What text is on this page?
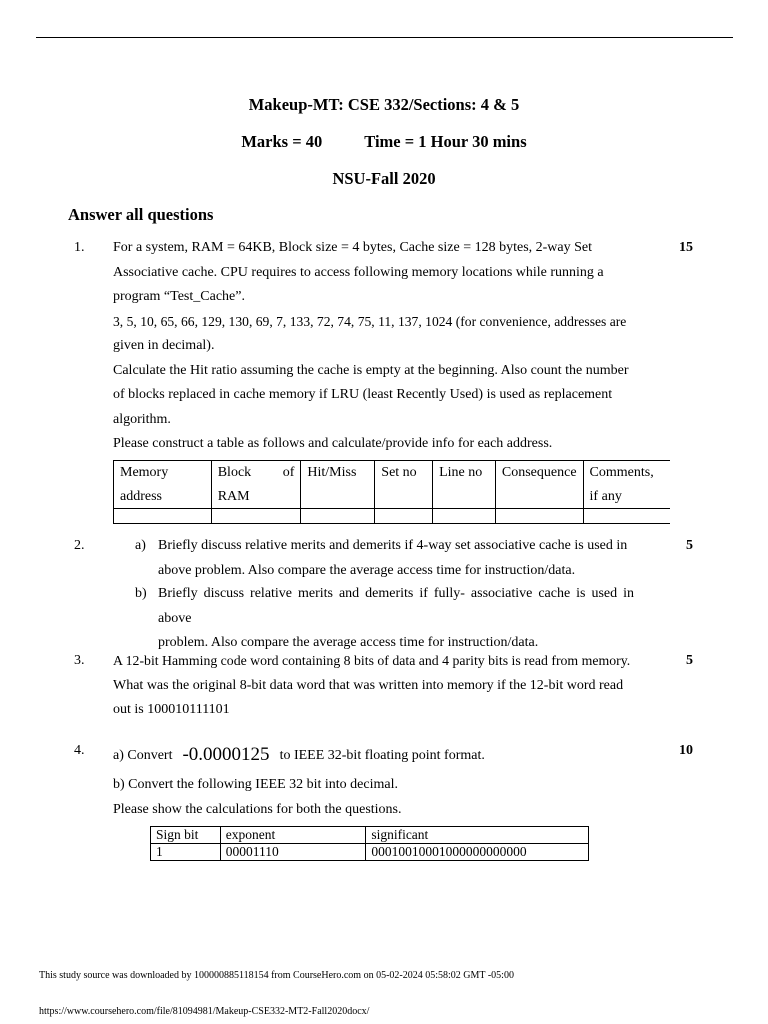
Makeup-MT: CSE 332/Sections: 4 & 5
Marks = 40	Time = 1 Hour 30 mins
NSU-Fall 2020
Answer all questions
1.	15
For a system, RAM = 64KB, Block size = 4 bytes, Cache size = 128 bytes, 2-way Set
Associative cache. CPU requires to access following memory locations while running a
program “Test_Cache”.
3, 5, 10, 65, 66, 129, 130, 69, 7, 133, 72, 74, 75, 11, 137, 1024 (for convenience, addresses are
given in decimal).
Calculate the Hit ratio assuming the cache is empty at the beginning. Also count the number
of blocks replaced in cache memory if LRU (least Recently Used) is used as replacement
algorithm.
Please construct a table as follows and calculate/provide info for each address.
Memory address	Block of RAM	Hit/Miss	Set no	Line no	Consequence	Comments, if any

2.	5
a) Briefly discuss relative merits and demerits if 4-way set associative cache is used in
above problem. Also compare the average access time for instruction/data.
b) Briefly discuss relative merits and demerits if fully- associative cache is used in above
problem. Also compare the average access time for instruction/data.
3.	5
A 12-bit Hamming code word containing 8 bits of data and 4 parity bits is read from memory.
What was the original 8-bit data word that was written into memory if the 12-bit word read
out is 100010111101
4.	10
a) Convert -0.0000125 to IEEE 32-bit floating point format.
b) Convert the following IEEE 32 bit into decimal.
Please show the calculations for both the questions.
Sign bit	exponent	significant
1	00001110	00010010001000000000000
This study source was downloaded by 100000885118154 from CourseHero.com on 05-02-2024 05:58:02 GMT -05:00
https://www.coursehero.com/file/81094981/Makeup-CSE332-MT2-Fall2020docx/
